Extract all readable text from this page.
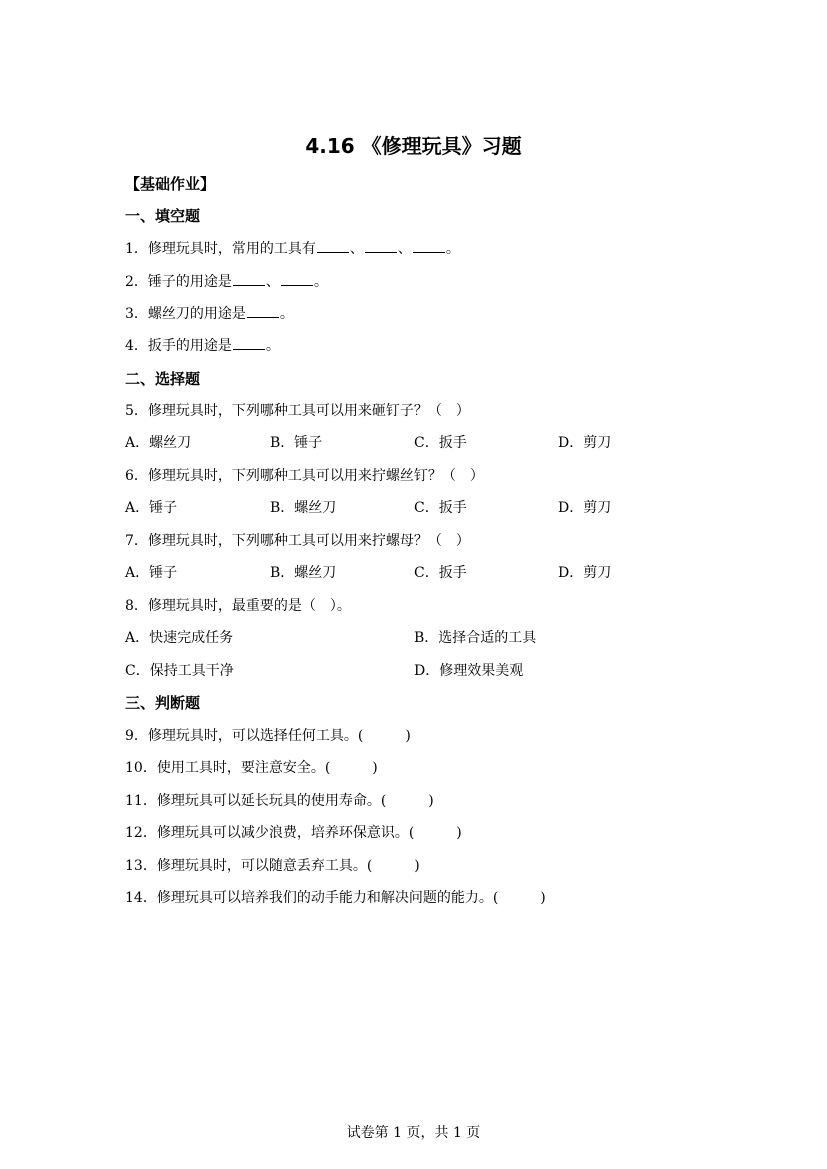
4.16 《修理玩具》习题
【基础作业】
一、填空题
1．修理玩具时，常用的工具有 、 、 。
2．锤子的用途是 、 。
3．螺丝刀的用途是 。
4．扳手的用途是 。
二、选择题
5．修理玩具时，下列哪种工具可以用来砸钉子？（　）
A．螺丝刀	B．锤子	C．扳手	D．剪刀
6．修理玩具时，下列哪种工具可以用来拧螺丝钉？（　）
A．锤子	B．螺丝刀	C．扳手	D．剪刀
7．修理玩具时，下列哪种工具可以用来拧螺母？（　）
A．锤子	B．螺丝刀	C．扳手	D．剪刀
8．修理玩具时，最重要的是（　）。
A．快速完成任务	B．选择合适的工具
C．保持工具干净	D．修理效果美观
三、判断题
9．修理玩具时，可以选择任何工具。(　　　)
10．使用工具时，要注意安全。(　　　)
11．修理玩具可以延长玩具的使用寿命。(　　　)
12．修理玩具可以减少浪费，培养环保意识。(　　　)
13．修理玩具时，可以随意丢弃工具。(　　　)
14．修理玩具可以培养我们的动手能力和解决问题的能力。(　　　)
试卷第 1 页，共 1 页
